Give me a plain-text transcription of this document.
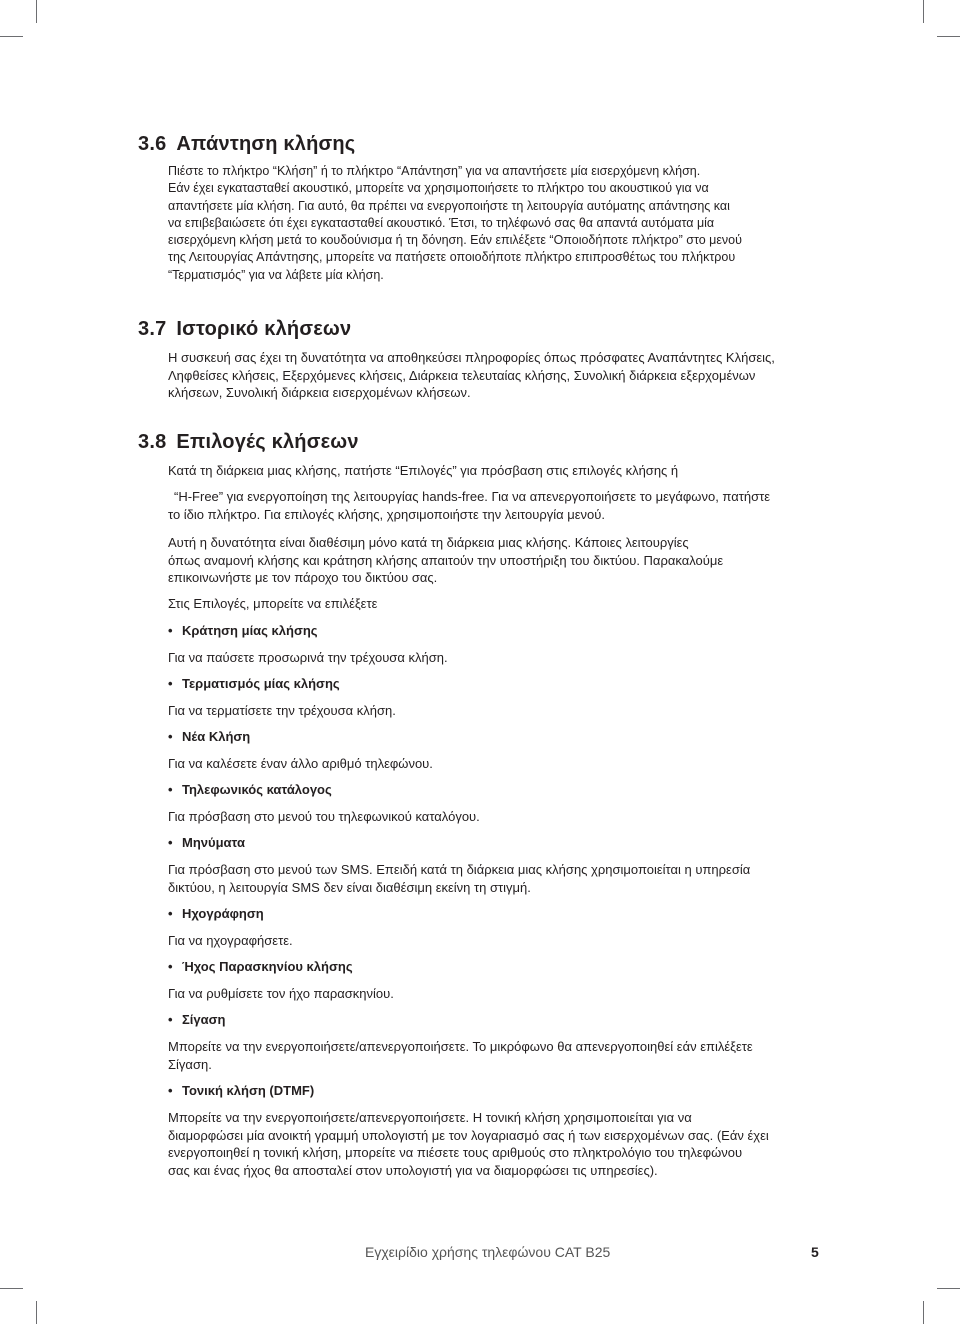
3.6 Απάντηση κλήσης

Πιέστε το πλήκτρο “Κλήση” ή το πλήκτρο “Απάντηση” για να απαντήσετε μία εισερχόμενη κλήση.
Εάν έχει εγκατασταθεί ακουστικό, μπορείτε να χρησιμοποιήσετε το πλήκτρο του ακουστικού για να
απαντήσετε μία κλήση. Για αυτό, θα πρέπει να ενεργοποιήστε τη λειτουργία αυτόματης απάντησης και
να επιβεβαιώσετε ότι έχει εγκατασταθεί ακουστικό. Έτσι, το τηλέφωνό σας θα απαντά αυτόματα μία
εισερχόμενη κλήση μετά το κουδούνισμα ή τη δόνηση. Εάν επιλέξετε “Οποιοδήποτε πλήκτρο” στο μενού
της Λειτουργίας Απάντησης, μπορείτε να πατήσετε οποιοδήποτε πλήκτρο επιπροσθέτως του πλήκτρου
“Τερματισμός” για να λάβετε μία κλήση.

3.7 Ιστορικό κλήσεων

Η συσκευή σας έχει τη δυνατότητα να αποθηκεύσει πληροφορίες όπως πρόσφατες Αναπάντητες Κλήσεις,
Ληφθείσες κλήσεις, Εξερχόμενες κλήσεις, Διάρκεια τελευταίας κλήσης, Συνολική διάρκεια εξερχομένων
κλήσεων, Συνολική διάρκεια εισερχομένων κλήσεων.

3.8 Επιλογές κλήσεων

Κατά τη διάρκεια μιας κλήσης, πατήστε “Επιλογές” για πρόσβαση στις επιλογές κλήσης ή

“H-Free” για ενεργοποίηση της λειτουργίας hands-free. Για να απενεργοποιήσετε το μεγάφωνο, πατήστε
το ίδιο πλήκτρο. Για επιλογές κλήσης, χρησιμοποιήστε την λειτουργία μενού.

Αυτή η δυνατότητα είναι διαθέσιμη μόνο κατά τη διάρκεια μιας κλήσης. Κάποιες λειτουργίες
όπως αναμονή κλήσης και κράτηση κλήσης απαιτούν την υποστήριξη του δικτύου. Παρακαλούμε
επικοινωνήστε με τον πάροχο του δικτύου σας.

Στις Επιλογές, μπορείτε να επιλέξετε

• Κράτηση μίας κλήσης

Για να παύσετε προσωρινά την τρέχουσα κλήση.

• Τερματισμός μίας κλήσης

Για να τερματίσετε την τρέχουσα κλήση.

• Νέα Κλήση

Για να καλέσετε έναν άλλο αριθμό τηλεφώνου.

• Τηλεφωνικός κατάλογος

Για πρόσβαση στο μενού του τηλεφωνικού καταλόγου.

• Μηνύματα

Για πρόσβαση στο μενού των SMS. Επειδή κατά τη διάρκεια μιας κλήσης χρησιμοποιείται η υπηρεσία
δικτύου, η λειτουργία SMS δεν είναι διαθέσιμη εκείνη τη στιγμή.

• Ηχογράφηση

Για να ηχογραφήσετε.

• Ήχος Παρασκηνίου κλήσης

Για να ρυθμίσετε τον ήχο παρασκηνίου.

• Σίγαση

Μπορείτε να την ενεργοποιήσετε/απενεργοποιήσετε. Το μικρόφωνο θα απενεργοποιηθεί εάν επιλέξετε
Σίγαση.

• Τονική κλήση (DTMF)

Μπορείτε να την ενεργοποιήσετε/απενεργοποιήσετε. Η τονική κλήση χρησιμοποιείται για να
διαμορφώσει μία ανοικτή γραμμή υπολογιστή με τον λογαριασμό σας ή των εισερχομένων σας. (Εάν έχει
ενεργοποιηθεί η τονική κλήση, μπορείτε να πιέσετε τους αριθμούς στο πληκτρολόγιο του τηλεφώνου
σας και ένας ήχος θα αποσταλεί στον υπολογιστή για να διαμορφώσει τις υπηρεσίες).

Εγχειρίδιο χρήσης τηλεφώνου CAT B25	5
